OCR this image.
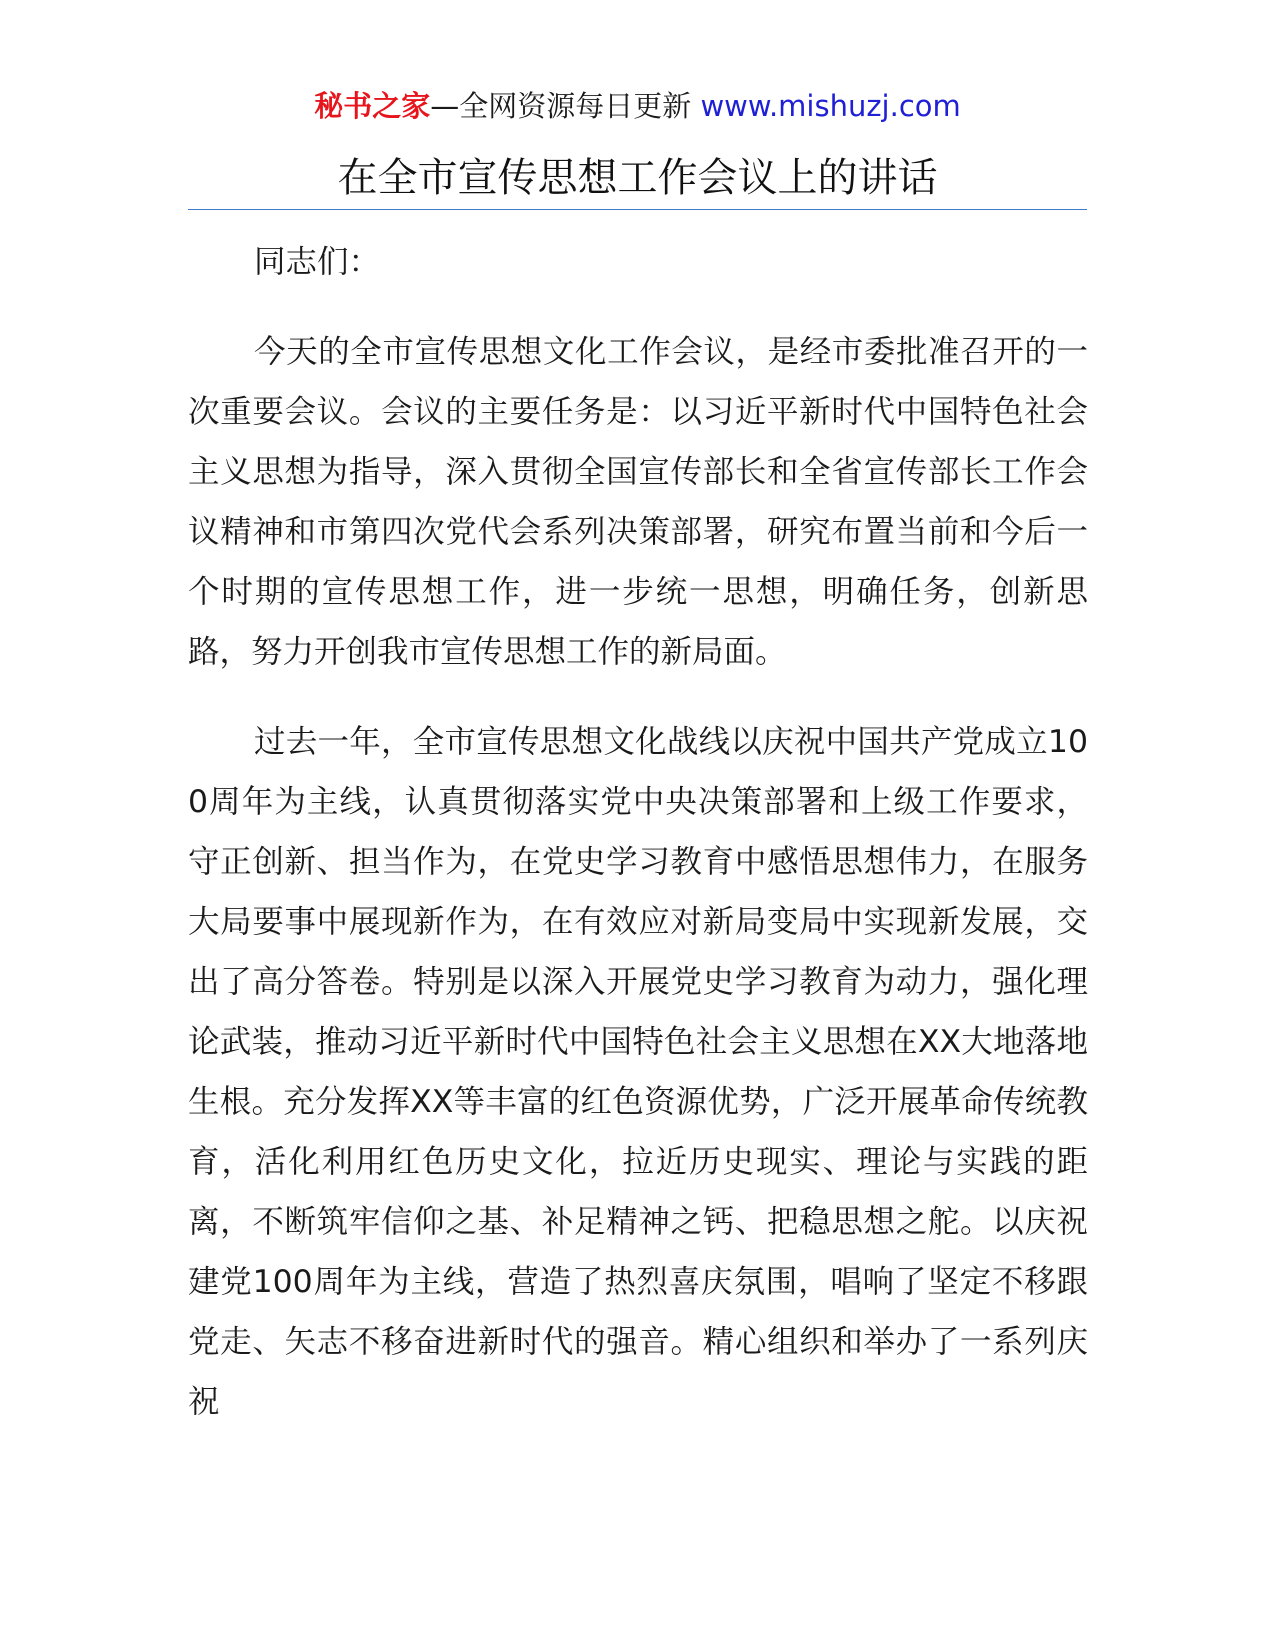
秘书之家—全网资源每日更新 www.mishuzj.com
在全市宣传思想工作会议上的讲话

同志们：

今天的全市宣传思想文化工作会议，是经市委批准召开的一次重要会议。会议的主要任务是：以习近平新时代中国特色社会主义思想为指导，深入贯彻全国宣传部长和全省宣传部长工作会议精神和市第四次党代会系列决策部署，研究布置当前和今后一个时期的宣传思想工作，进一步统一思想，明确任务，创新思路，努力开创我市宣传思想工作的新局面。

过去一年，全市宣传思想文化战线以庆祝中国共产党成立100周年为主线，认真贯彻落实党中央决策部署和上级工作要求，守正创新、担当作为，在党史学习教育中感悟思想伟力，在服务大局要事中展现新作为，在有效应对新局变局中实现新发展，交出了高分答卷。特别是以深入开展党史学习教育为动力，强化理论武装，推动习近平新时代中国特色社会主义思想在XX大地落地生根。充分发挥XX等丰富的红色资源优势，广泛开展革命传统教育，活化利用红色历史文化，拉近历史现实、理论与实践的距离，不断筑牢信仰之基、补足精神之钙、把稳思想之舵。以庆祝建党100周年为主线，营造了热烈喜庆氛围，唱响了坚定不移跟党走、矢志不移奋进新时代的强音。精心组织和举办了一系列庆祝
